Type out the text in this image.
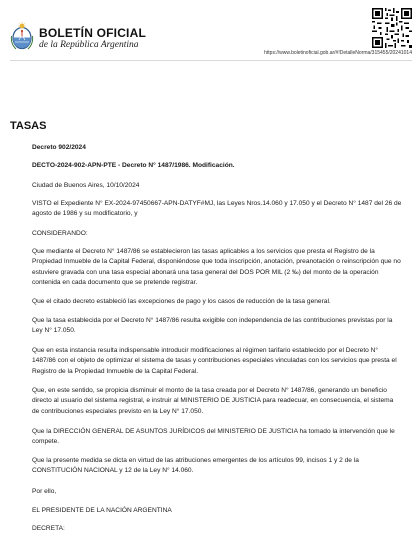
BOLETÍN OFICIAL
de la República Argentina
https://www.boletinoficial.gob.ar/#!DetalleNorma/315455/20241014
TASAS

Decreto 902/2024

DECTO-2024-902-APN-PTE - Decreto N° 1487/1986. Modificación.

Ciudad de Buenos Aires, 10/10/2024

VISTO el Expediente N° EX-2024-97450667-APN-DATYF#MJ, las Leyes Nros.14.060 y 17.050 y el Decreto N° 1487 del 26 de agosto de 1986 y su modificatorio, y

CONSIDERANDO:

Que mediante el Decreto N° 1487/86 se establecieron las tasas aplicables a los servicios que presta el Registro de la Propiedad Inmueble de la Capital Federal, disponiéndose que toda inscripción, anotación, preanotación o reinscripción que no estuviere gravada con una tasa especial abonará una tasa general del DOS POR MIL (2 ‰) del monto de la operación contenida en cada documento que se pretende registrar.

Que el citado decreto estableció las excepciones de pago y los casos de reducción de la tasa general.

Que la tasa establecida por el Decreto N° 1487/86 resulta exigible con independencia de las contribuciones previstas por la Ley N° 17.050.

Que en esta instancia resulta indispensable introducir modificaciones al régimen tarifario establecido por el Decreto N° 1487/86 con el objeto de optimizar el sistema de tasas y contribuciones especiales vinculadas con los servicios que presta el Registro de la Propiedad Inmueble de la Capital Federal.

Que, en este sentido, se propicia disminuir el monto de la tasa creada por el Decreto N° 1487/86, generando un beneficio directo al usuario del sistema registral, e instruir al MINISTERIO DE JUSTICIA para readecuar, en consecuencia, el sistema de contribuciones especiales previsto en la Ley N° 17.050.

Que la DIRECCIÓN GENERAL DE ASUNTOS JURÍDICOS del MINISTERIO DE JUSTICIA ha tomado la intervención que le compete.

Que la presente medida se dicta en virtud de las atribuciones emergentes de los artículos 99, incisos 1 y 2 de la CONSTITUCIÓN NACIONAL y 12 de la Ley N° 14.060.

Por ello,

EL PRESIDENTE DE LA NACIÓN ARGENTINA

DECRETA:
